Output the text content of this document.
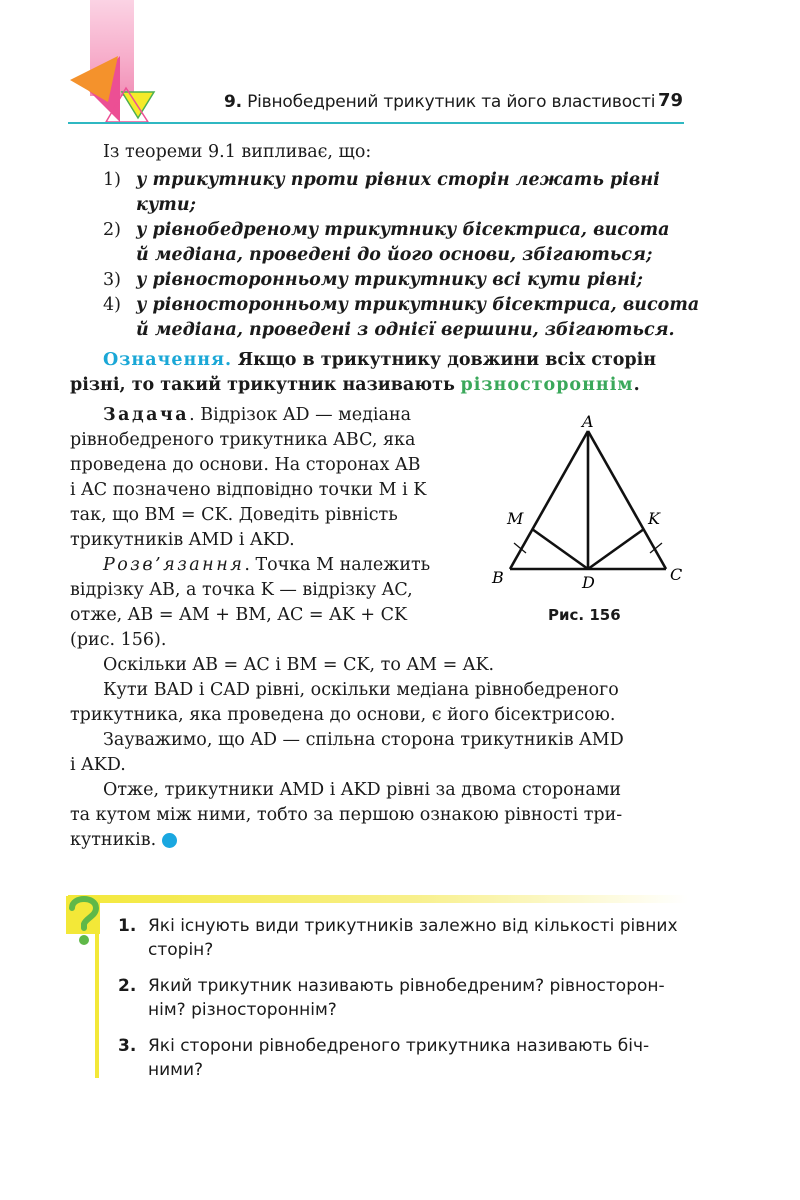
9. Рівнобедрений трикутник та його властивості 79
Із теореми 9.1 випливає, що:
1) у трикутнику проти рівних сторін лежать рівні
кути;
2) у рівнобедреному трикутнику бісектриса, висота
й медіана, проведені до його основи, збігаються;
3) у рівносторонньому трикутнику всі кути рівні;
4) у рівносторонньому трикутнику бісектриса, висота
й медіана, проведені з однієї вершини, збігаються.
Означення. Якщо в трикутнику довжини всіх сторін
різні, то такий трикутник називають різностороннім.
Задача. Відрізок AD — медіана
рівнобедреного трикутника ABC, яка
проведена до основи. На сторонах AB
і AC позначено відповідно точки M і K
так, що BM = CK. Доведіть рівність
трикутників AMD і AKD.
Розв’язання. Точка M належить
відрізку AB, а точка K — відрізку AC,
отже, AB = AM + BM, AC = AK + CK
(рис. 156).
A
B	C
D
M	K
Рис. 156
Оскільки AB = AC і BM = CK, то AM = AK.
Кути BAD і CAD рівні, оскільки медіана рівнобедреного
трикутника, яка проведена до основи, є його бісектрисою.
Зауважимо, що AD — спільна сторона трикутників AMD
і AKD.
Отже, трикутники AMD і AKD рівні за двома сторонами
та кутом між ними, тобто за першою ознакою рівності три-
кутників.
1. Які існують види трикутників залежно від кількості рівних
сторін?
2. Який трикутник називають рівнобедреним? рівносторон-
нім? різностороннім?
3. Які сторони рівнобедреного трикутника називають біч-
ними?
